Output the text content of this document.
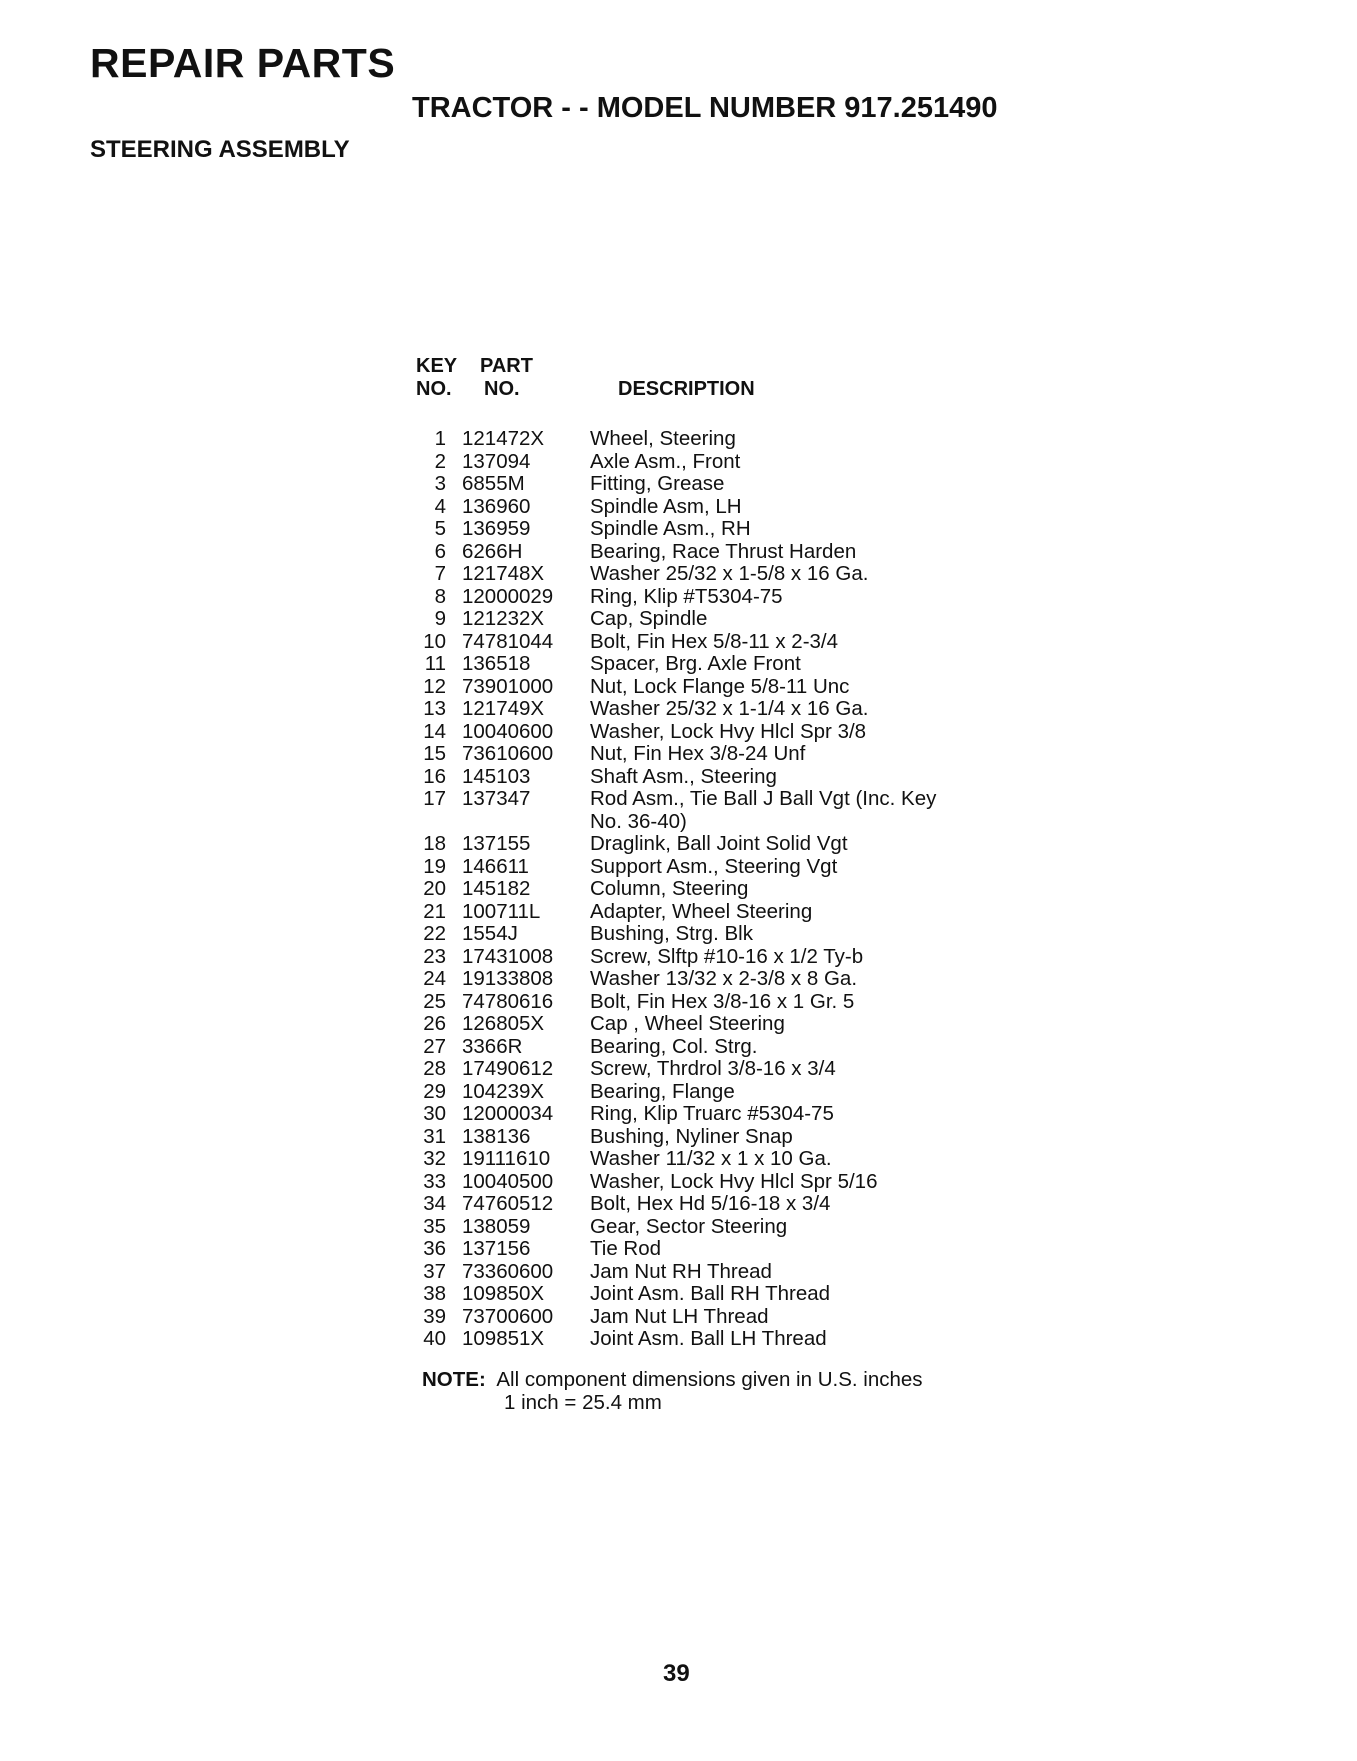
REPAIR PARTS
TRACTOR - - MODEL NUMBER 917.251490
STEERING ASSEMBLY
KEY
NO.
PART
NO.	DESCRIPTION
1 121472X	Wheel, Steering
2 137094	Axle Asm., Front
3 6855M	Fitting, Grease
4 136960	Spindle Asm, LH
5 136959	Spindle Asm., RH
6 6266H	Bearing, Race Thrust Harden
7 121748X	Washer 25/32 x 1-5/8 x 16 Ga.
8 12000029	Ring, Klip #T5304-75
9 121232X	Cap, Spindle
10 74781044	Bolt, Fin Hex 5/8-11 x 2-3/4
11 136518	Spacer, Brg. Axle Front
12 73901000	Nut, Lock Flange 5/8-11 Unc
13 121749X	Washer 25/32 x 1-1/4 x 16 Ga.
14 10040600	Washer, Lock Hvy Hlcl Spr 3/8
15 73610600	Nut, Fin Hex 3/8-24 Unf
16 145103	Shaft Asm., Steering
17 137347	Rod Asm., Tie Ball J Ball Vgt (Inc. Key No. 36-40)
18 137155	Draglink, Ball Joint Solid Vgt
19 146611	Support Asm., Steering Vgt
20 145182	Column, Steering
21 100711L	Adapter, Wheel Steering
22 1554J	Bushing, Strg. Blk
23 17431008	Screw, Slftp #10-16 x 1/2 Ty-b
24 19133808	Washer 13/32 x 2-3/8 x 8 Ga.
25 74780616	Bolt, Fin Hex 3/8-16 x 1 Gr. 5
26 126805X	Cap , Wheel Steering
27 3366R	Bearing, Col. Strg.
28 17490612	Screw, Thrdrol 3/8-16 x 3/4
29 104239X	Bearing, Flange
30 12000034	Ring, Klip Truarc #5304-75
31 138136	Bushing, Nyliner Snap
32 19111610	Washer 11/32 x 1 x 10 Ga.
33 10040500	Washer, Lock Hvy Hlcl Spr 5/16
34 74760512	Bolt, Hex Hd 5/16-18 x 3/4
35 138059	Gear, Sector Steering
36 137156	Tie Rod
37 73360600	Jam Nut RH Thread
38 109850X	Joint Asm. Ball RH Thread
39 73700600	Jam Nut LH Thread
40 109851X	Joint Asm. Ball LH Thread
NOTE: All component dimensions given in U.S. inches
1 inch = 25.4 mm
39
